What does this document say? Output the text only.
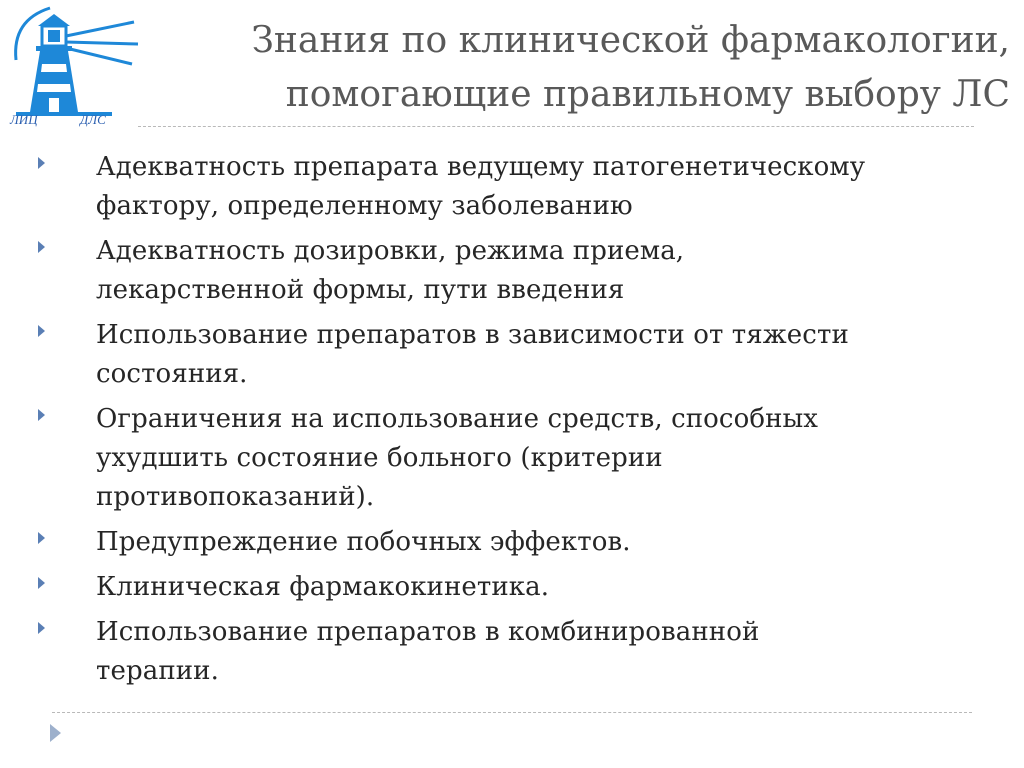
ЛИЦ	ДЛС
Знания по клинической фармакологии,
помогающие правильному выбору ЛС
Адекватность препарата ведущему патогенетическому
фактору, определенному заболеванию
Адекватность дозировки, режима приема,
лекарственной формы, пути введения
Использование препаратов в зависимости от тяжести
состояния.
Ограничения на использование средств, способных
ухудшить состояние больного (критерии
противопоказаний).
Предупреждение побочных эффектов.
Клиническая фармакокинетика.
Использование препаратов в комбинированной
терапии.
